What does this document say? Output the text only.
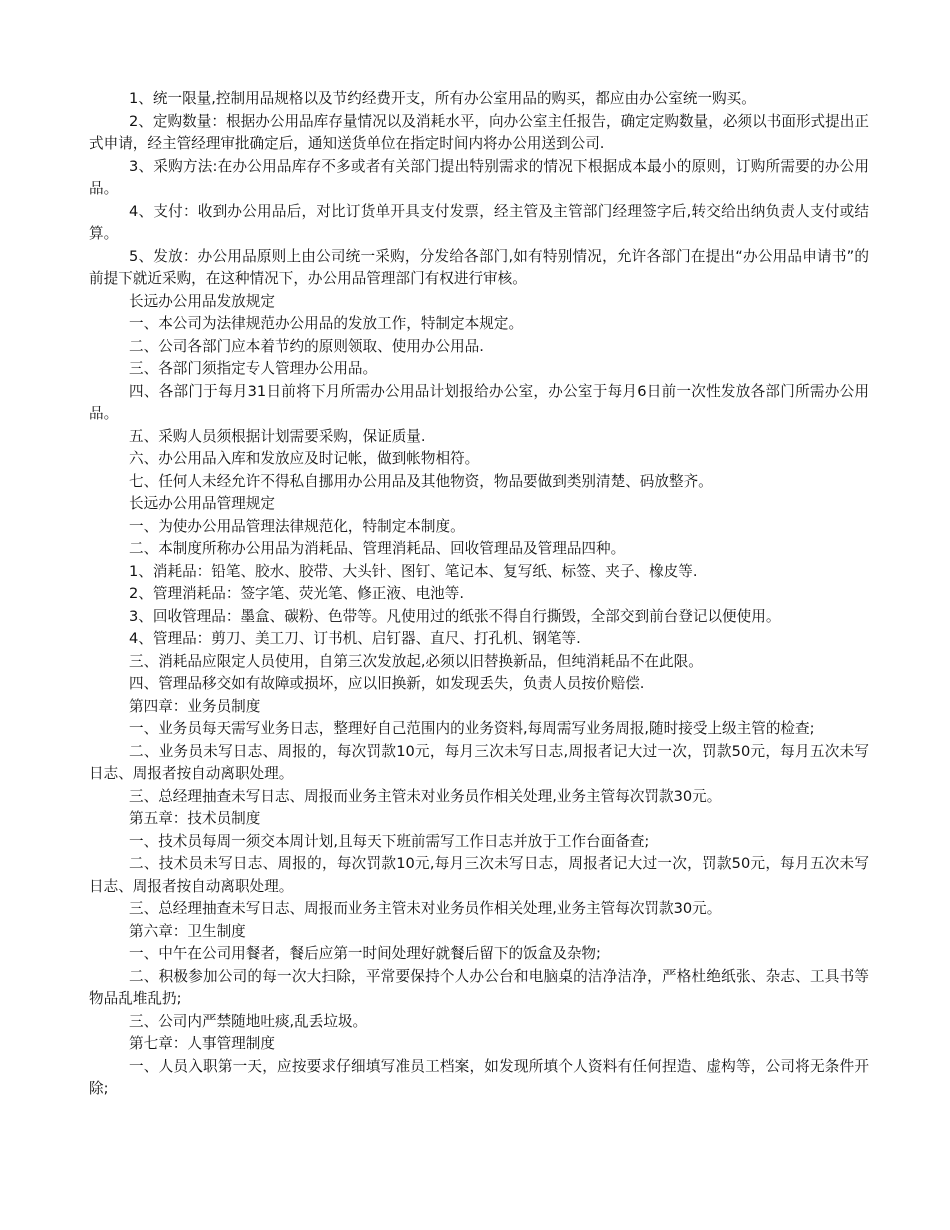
1、统一限量,控制用品规格以及节约经费开支，所有办公室用品的购买，都应由办公室统一购买。

2、定购数量：根据办公用品库存量情况以及消耗水平，向办公室主任报告，确定定购数量，必须以书面形式提出正式申请，经主管经理审批确定后，通知送货单位在指定时间内将办公用送到公司.

3、采购方法:在办公用品库存不多或者有关部门提出特别需求的情况下根据成本最小的原则，订购所需要的办公用品。

4、支付：收到办公用品后，对比订货单开具支付发票，经主管及主管部门经理签字后,转交给出纳负责人支付或结算。

5、发放：办公用品原则上由公司统一采购，分发给各部门,如有特别情况，允许各部门在提出“办公用品申请书”的前提下就近采购，在这种情况下，办公用品管理部门有权进行审核。

长远办公用品发放规定

一、本公司为法律规范办公用品的发放工作，特制定本规定。

二、公司各部门应本着节约的原则领取、使用办公用品.

三、各部门须指定专人管理办公用品。

四、各部门于每月31日前将下月所需办公用品计划报给办公室，办公室于每月6日前一次性发放各部门所需办公用品。

五、采购人员须根据计划需要采购，保证质量.

六、办公用品入库和发放应及时记帐，做到帐物相符。

七、任何人未经允许不得私自挪用办公用品及其他物资，物品要做到类别清楚、码放整齐。

长远办公用品管理规定

一、为使办公用品管理法律规范化，特制定本制度。

二、本制度所称办公用品为消耗品、管理消耗品、回收管理品及管理品四种。

1、消耗品：铅笔、胶水、胶带、大头针、图钉、笔记本、复写纸、标签、夹子、橡皮等.

2、管理消耗品：签字笔、荧光笔、修正液、电池等.

3、回收管理品：墨盒、碳粉、色带等。凡使用过的纸张不得自行撕毁，全部交到前台登记以便使用。

4、管理品：剪刀、美工刀、订书机、启钉器、直尺、打孔机、钢笔等.

三、消耗品应限定人员使用，自第三次发放起,必须以旧替换新品，但纯消耗品不在此限。

四、管理品移交如有故障或损坏，应以旧换新，如发现丢失，负责人员按价赔偿.

第四章：业务员制度

一、业务员每天需写业务日志，整理好自己范围内的业务资料,每周需写业务周报,随时接受上级主管的检查;

二、业务员未写日志、周报的，每次罚款10元，每月三次未写日志,周报者记大过一次，罚款50元，每月五次未写日志、周报者按自动离职处理。

三、总经理抽查未写日志、周报而业务主管未对业务员作相关处理,业务主管每次罚款30元。

第五章：技术员制度

一、技术员每周一须交本周计划,且每天下班前需写工作日志并放于工作台面备查;

二、技术员未写日志、周报的，每次罚款10元,每月三次未写日志，周报者记大过一次，罚款50元，每月五次未写日志、周报者按自动离职处理。

三、总经理抽查未写日志、周报而业务主管未对业务员作相关处理,业务主管每次罚款30元。

第六章：卫生制度

一、中午在公司用餐者，餐后应第一时间处理好就餐后留下的饭盒及杂物;

二、积极参加公司的每一次大扫除，平常要保持个人办公台和电脑桌的洁净洁净，严格杜绝纸张、杂志、工具书等物品乱堆乱扔;

三、公司内严禁随地吐痰,乱丢垃圾。

第七章：人事管理制度

一、人员入职第一天，应按要求仔细填写准员工档案，如发现所填个人资料有任何捏造、虚构等，公司将无条件开除;
